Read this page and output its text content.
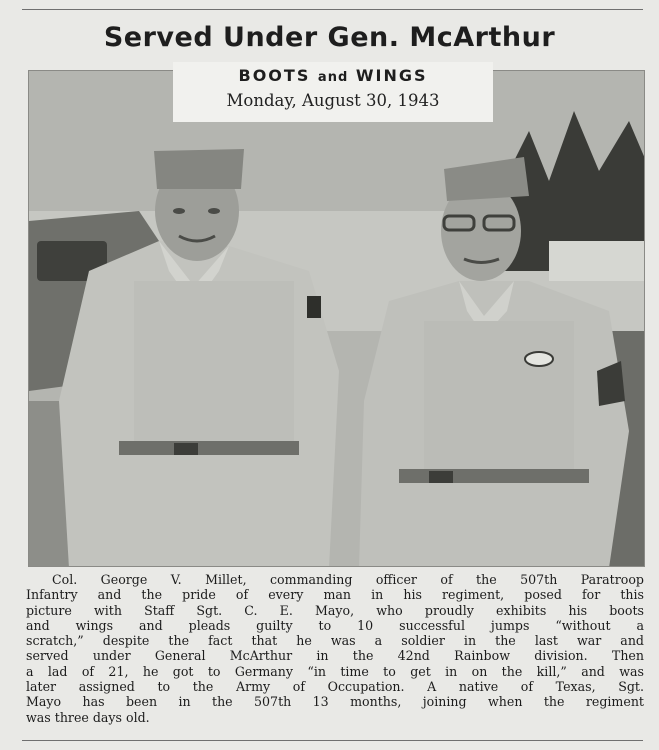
Served Under Gen. McArthur
BOOTS and WINGS
Monday, August 30, 1943
Col. George V. Millet, commanding officer of the 507th Paratroop
Infantry and the pride of every man in his regiment, posed for this
picture with Staff Sgt. C. E. Mayo, who proudly exhibits his boots
and wings and pleads guilty to 10 successful jumps “without a
scratch,” despite the fact that he was a soldier in the last war and
served under General McArthur in the 42nd Rainbow division. Then
a lad of 21, he got to Germany “in time to get in on the kill,” and was
later assigned to the Army of Occupation. A native of Texas, Sgt.
Mayo has been in the 507th 13 months, joining when the regiment
was three days old.
